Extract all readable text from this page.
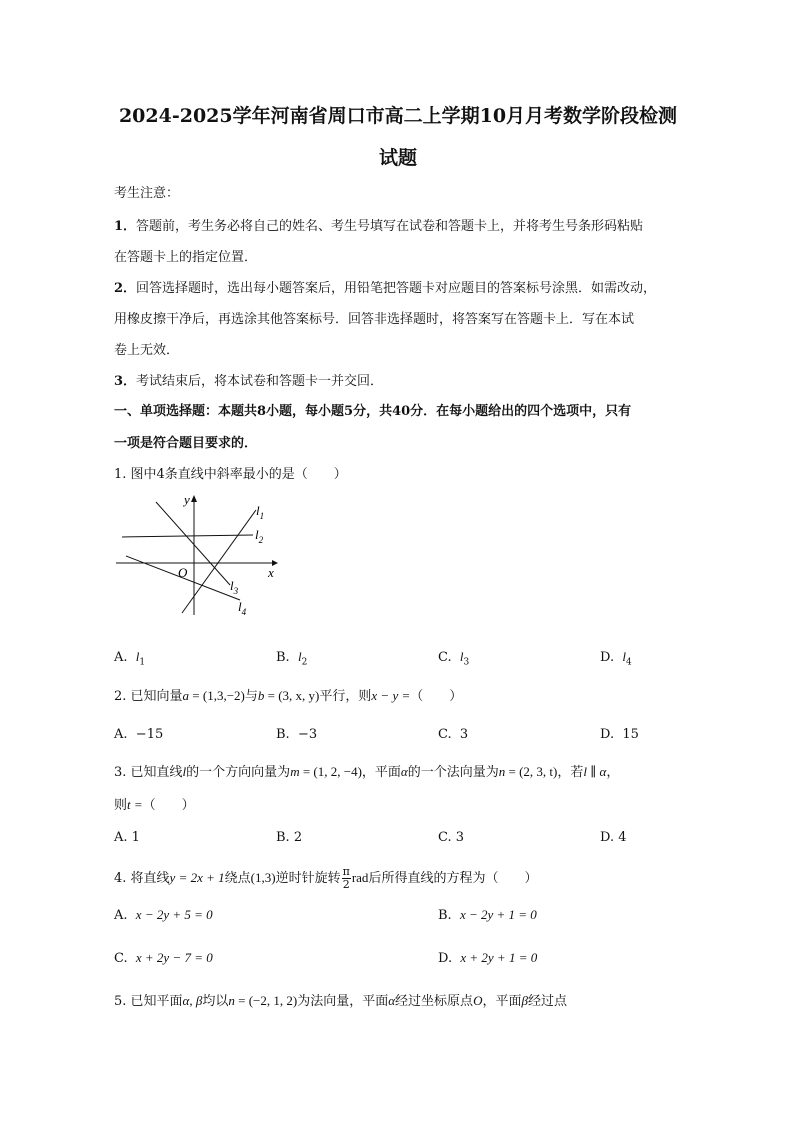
2024-2025学年河南省周口市高二上学期10月月考数学阶段检测
试题
考生注意：
1．答题前，考生务必将自己的姓名、考生号填写在试卷和答题卡上，并将考生号条形码粘贴
在答题卡上的指定位置．
2．回答选择题时，选出每小题答案后，用铅笔把答题卡对应题目的答案标号涂黑．如需改动，
用橡皮擦干净后，再选涂其他答案标号．回答非选择题时，将答案写在答题卡上．写在本试
卷上无效．
3．考试结束后，将本试卷和答题卡一并交回．
一、单项选择题：本题共8小题，每小题5分，共40分．在每小题给出的四个选项中，只有
一项是符合题目要求的．
1. 图中4条直线中斜率最小的是（　　）
x
y
O
$l_1$
$l_2$
$l_3$
$l_4$
A. $l_1$	B. $l_2$	C. $l_3$	D. $l_4$
2. 已知向量a = (1,3,−2)与b = (3, x, y)平行，则x − y =（　　）
A. −15	B. −3	C. 3	D. 15
3. 已知直线l的一个方向向量为m = (1, 2, −4)，平面α的一个法向量为n = (2, 3, t)，若l ∥ α，
则t =（　　）
A. 1	B. 2	C. 3	D. 4
4. 将直线y = 2x + 1绕点(1,3)逆时针旋转 $\frac{\pi}{2}$ rad后所得直线的方程为（　　）
A. x − 2y + 5 = 0	B. x − 2y + 1 = 0
C. x + 2y − 7 = 0	D. x + 2y + 1 = 0
5. 已知平面α, β均以n = (−2, 1, 2)为法向量，平面α经过坐标原点O，平面β经过点
